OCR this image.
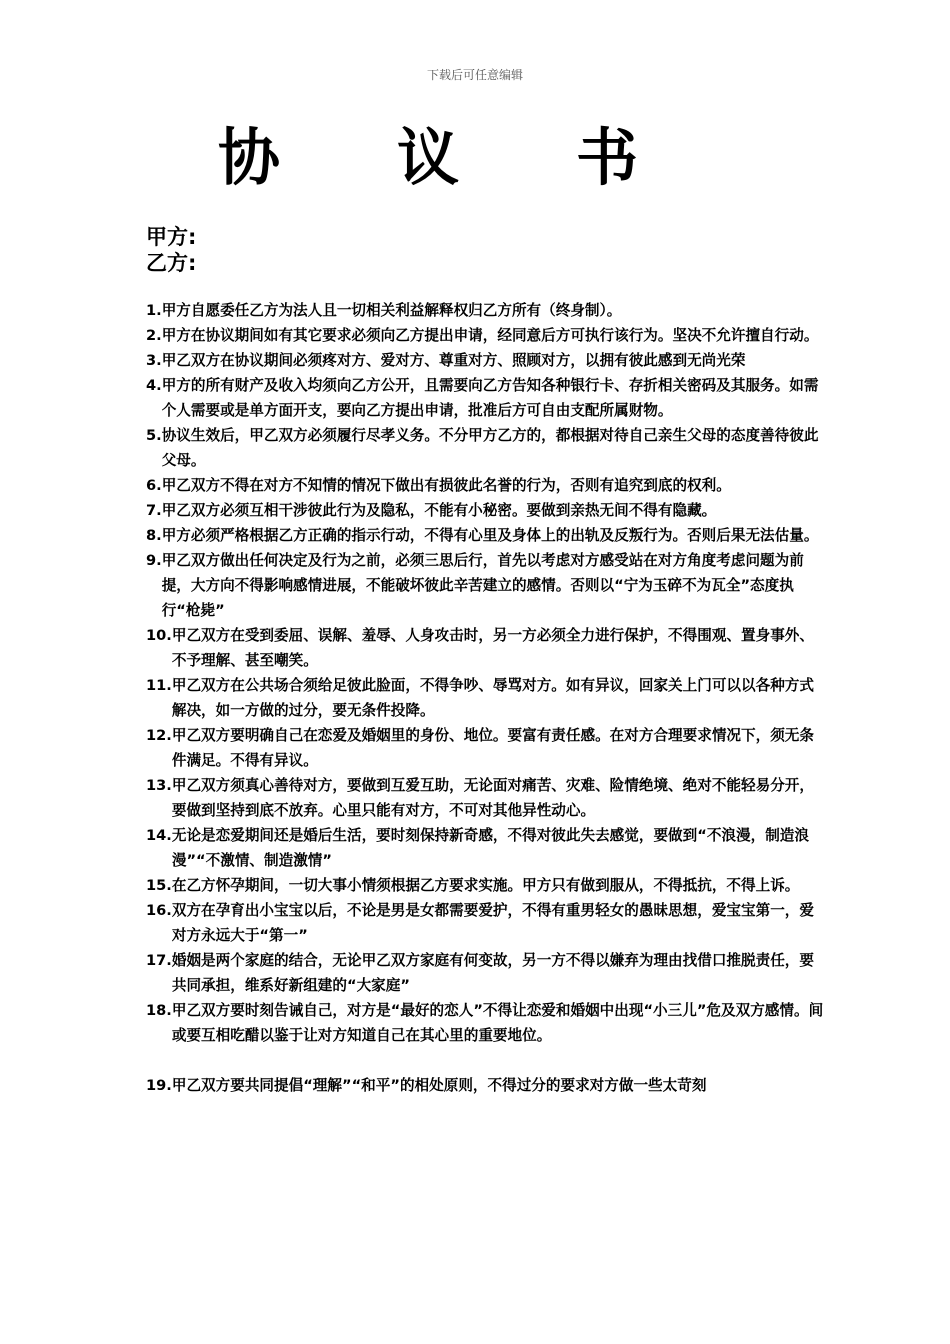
下载后可任意编辑
协 议 书
甲方:
乙方:
1. 甲方自愿委任乙方为法人且一切相关利益解释权归乙方所有（终身制）。
2. 甲方在协议期间如有其它要求必须向乙方提出申请，经同意后方可执行该行为。坚决不允许擅自行动。
3. 甲乙双方在协议期间必须疼对方、爱对方、尊重对方、照顾对方，以拥有彼此感到无尚光荣
4. 甲方的所有财产及收入均须向乙方公开，且需要向乙方告知各种银行卡、存折相关密码及其服务。如需个人需要或是单方面开支，要向乙方提出申请，批准后方可自由支配所属财物。
5. 协议生效后，甲乙双方必须履行尽孝义务。不分甲方乙方的，都根据对待自己亲生父母的态度善待彼此父母。
6. 甲乙双方不得在对方不知情的情况下做出有损彼此名誉的行为，否则有追究到底的权利。
7. 甲乙双方必须互相干涉彼此行为及隐私，不能有小秘密。要做到亲热无间不得有隐藏。
8. 甲方必须严格根据乙方正确的指示行动，不得有心里及身体上的出轨及反叛行为。否则后果无法估量。
9. 甲乙双方做出任何决定及行为之前，必须三思后行，首先以考虑对方感受站在对方角度考虑问题为前提，大方向不得影响感情进展，不能破坏彼此辛苦建立的感情。否则以“宁为玉碎不为瓦全”态度执行“枪毙”
10. 甲乙双方在受到委屈、误解、羞辱、人身攻击时，另一方必须全力进行保护，不得围观、置身事外、不予理解、甚至嘲笑。
11. 甲乙双方在公共场合须给足彼此脸面，不得争吵、辱骂对方。如有异议，回家关上门可以以各种方式解决，如一方做的过分，要无条件投降。
12. 甲乙双方要明确自己在恋爱及婚姻里的身份、地位。要富有责任感。在对方合理要求情况下，须无条件满足。不得有异议。
13. 甲乙双方须真心善待对方，要做到互爱互助，无论面对痛苦、灾难、险情绝境、绝对不能轻易分开，要做到坚持到底不放弃。心里只能有对方，不可对其他异性动心。
14. 无论是恋爱期间还是婚后生活，要时刻保持新奇感，不得对彼此失去感觉，要做到“不浪漫，制造浪漫”“不激情、制造激情”
15. 在乙方怀孕期间，一切大事小情须根据乙方要求实施。甲方只有做到服从，不得抵抗，不得上诉。
16. 双方在孕育出小宝宝以后，不论是男是女都需要爱护，不得有重男轻女的愚昧思想，爱宝宝第一，爱对方永远大于“第一”
17. 婚姻是两个家庭的结合，无论甲乙双方家庭有何变故，另一方不得以嫌弃为理由找借口推脱责任，要共同承担，维系好新组建的“大家庭”
18. 甲乙双方要时刻告诫自己，对方是“最好的恋人”不得让恋爱和婚姻中出现“小三儿”危及双方感情。间或要互相吃醋以鉴于让对方知道自己在其心里的重要地位。
19. 甲乙双方要共同提倡“理解”“和平”的相处原则，不得过分的要求对方做一些太苛刻
